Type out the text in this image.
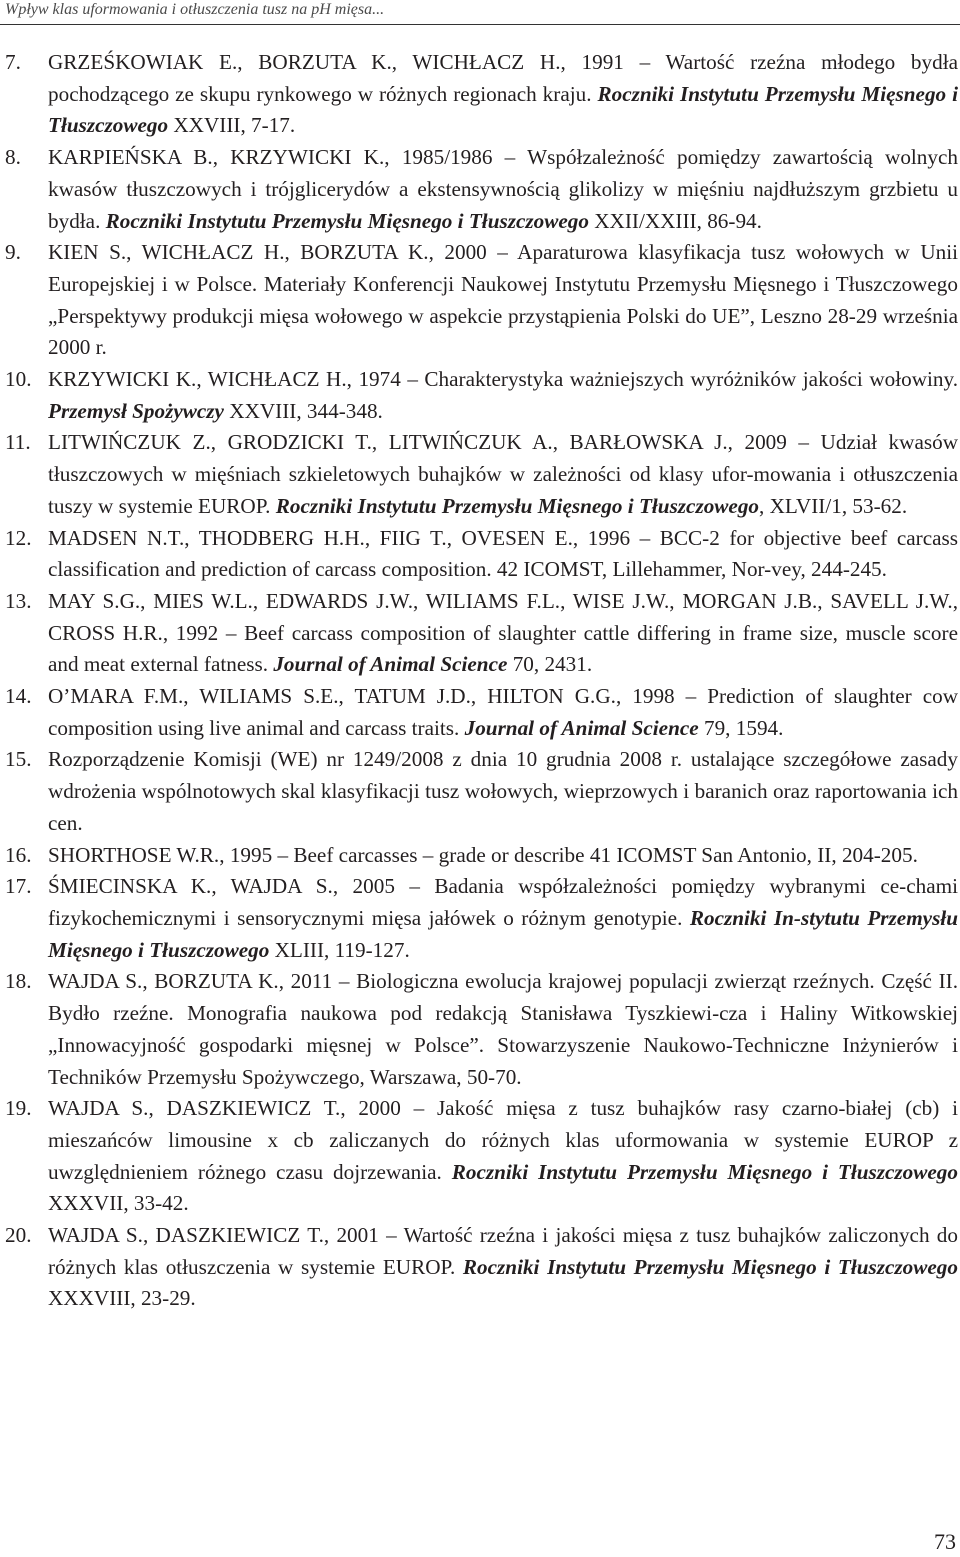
Wpływ klas uformowania i otłuszczenia tusz na pH mięsa...
7. GRZEŚKOWIAK E., BORZUTA K., WICHŁACZ H., 1991 – Wartość rzeźna młodego bydła pochodzącego ze skupu rynkowego w różnych regionach kraju. Roczniki Instytutu Przemysłu Mięsnego i Tłuszczowego XXVIII, 7-17.
8. KARPIEŃSKA B., KRZYWICKI K., 1985/1986 – Współzależność pomiędzy zawartością wolnych kwasów tłuszczowych i trójglicerydów a ekstensywnością glikolizy w mięśniu najdłuższym grzbietu u bydła. Roczniki Instytutu Przemysłu Mięsnego i Tłuszczowego XXII/XXIII, 86-94.
9. KIEN S., WICHŁACZ H., BORZUTA K., 2000 – Aparaturowa klasyfikacja tusz wołowych w Unii Europejskiej i w Polsce. Materiały Konferencji Naukowej Instytutu Przemysłu Mięsnego i Tłuszczowego „Perspektywy produkcji mięsa wołowego w aspekcie przystąpienia Polski do UE”, Leszno 28-29 września 2000 r.
10. KRZYWICKI K., WICHŁACZ H., 1974 – Charakterystyka ważniejszych wyróżników jakości wołowiny. Przemysł Spożywczy XXVIII, 344-348.
11. LITWIŃCZUK Z., GRODZICKI T., LITWIŃCZUK A., BARŁOWSKA J., 2009 – Udział kwasów tłuszczowych w mięśniach szkieletowych buhajków w zależności od klasy ufor-mowania i otłuszczenia tuszy w systemie EUROP. Roczniki Instytutu Przemysłu Mięsnego i Tłuszczowego, XLVII/1, 53-62.
12. MADSEN N.T., THODBERG H.H., FIIG T., OVESEN E., 1996 – BCC-2 for objective beef carcass classification and prediction of carcass composition. 42 ICOMST, Lillehammer, Nor-vey, 244-245.
13. MAY S.G., MIES W.L., EDWARDS J.W., WILIAMS F.L., WISE J.W., MORGAN J.B., SAVELL J.W., CROSS H.R., 1992 – Beef carcass composition of slaughter cattle differing in frame size, muscle score and meat external fatness. Journal of Animal Science 70, 2431.
14. O’MARA F.M., WILIAMS S.E., TATUM J.D., HILTON G.G., 1998 – Prediction of slaughter cow composition using live animal and carcass traits. Journal of Animal Science 79, 1594.
15. Rozporządzenie Komisji (WE) nr 1249/2008 z dnia 10 grudnia 2008 r. ustalające szczegółowe zasady wdrożenia wspólnotowych skal klasyfikacji tusz wołowych, wieprzowych i baranich oraz raportowania ich cen.
16. SHORTHOSE W.R., 1995 – Beef carcasses – grade or describe 41 ICOMST San Antonio, II, 204-205.
17. ŚMIECINSKA K., WAJDA S., 2005 – Badania współzależności pomiędzy wybranymi ce-chami fizykochemicznymi i sensorycznymi mięsa jałówek o różnym genotypie. Roczniki In-stytutu Przemysłu Mięsnego i Tłuszczowego XLIII, 119-127.
18. WAJDA S., BORZUTA K., 2011 – Biologiczna ewolucja krajowej populacji zwierząt rzeźnych. Część II. Bydło rzeźne. Monografia naukowa pod redakcją Stanisława Tyszkiewi-cza i Haliny Witkowskiej „Innowacyjność gospodarki mięsnej w Polsce”. Stowarzyszenie Naukowo-Techniczne Inżynierów i Techników Przemysłu Spożywczego, Warszawa, 50-70.
19. WAJDA S., DASZKIEWICZ T., 2000 – Jakość mięsa z tusz buhajków rasy czarno-białej (cb) i mieszańców limousine x cb zaliczanych do różnych klas uformowania w systemie EUROP z uwzględnieniem różnego czasu dojrzewania. Roczniki Instytutu Przemysłu Mięsnego i Tłuszczowego XXXVII, 33-42.
20. WAJDA S., DASZKIEWICZ T., 2001 – Wartość rzeźna i jakości mięsa z tusz buhajków zaliczonych do różnych klas otłuszczenia w systemie EUROP. Roczniki Instytutu Przemysłu Mięsnego i Tłuszczowego XXXVIII, 23-29.
73
